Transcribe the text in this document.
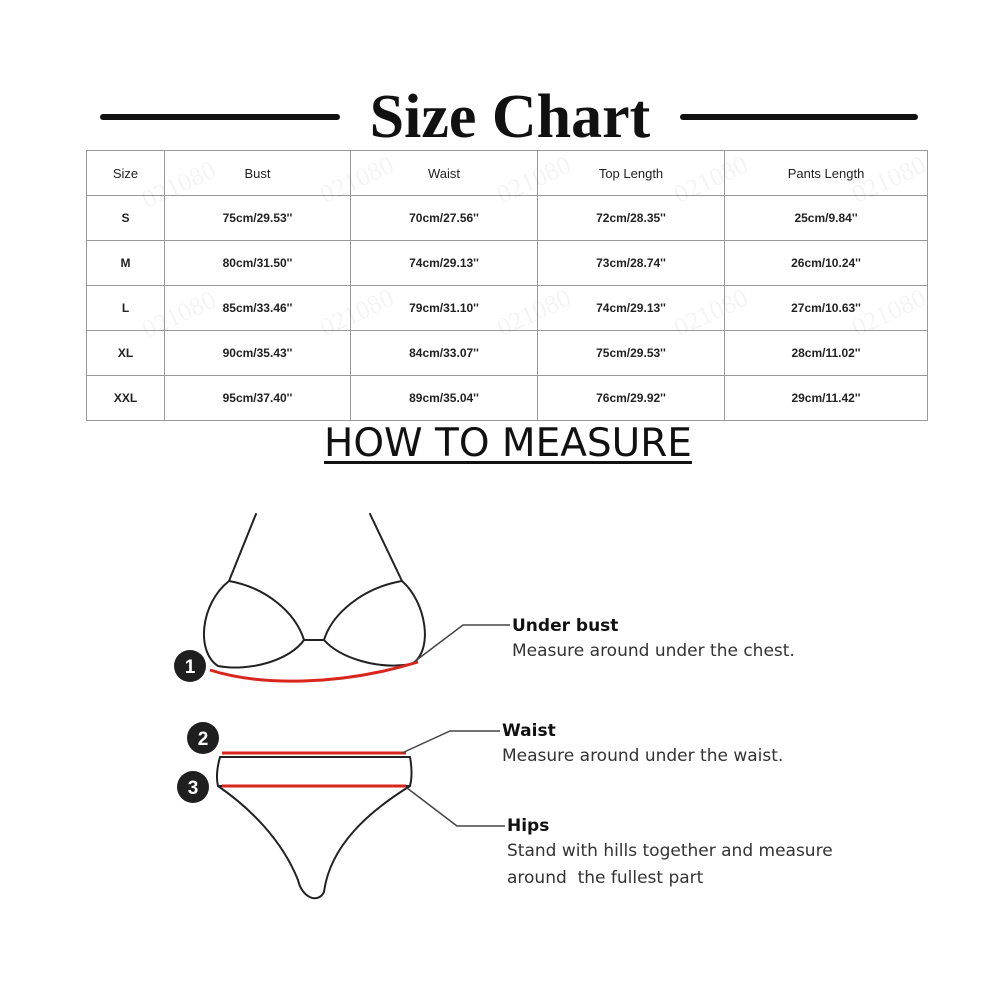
Size Chart
Size	Bust	Waist	Top Length	Pants Length
S	75cm/29.53''	70cm/27.56''	72cm/28.35''	25cm/9.84''
M	80cm/31.50''	74cm/29.13''	73cm/28.74''	26cm/10.24''
L	85cm/33.46''	79cm/31.10''	74cm/29.13''	27cm/10.63''
XL	90cm/35.43''	84cm/33.07''	75cm/29.53''	28cm/11.02''
XXL	95cm/37.40''	89cm/35.04''	76cm/29.92''	29cm/11.42''
HOW TO MEASURE
1
2
3
Under bust
Measure around under the chest.
Waist
Measure around under the waist.
Hips
Stand with hills together and measure
around  the fullest part
